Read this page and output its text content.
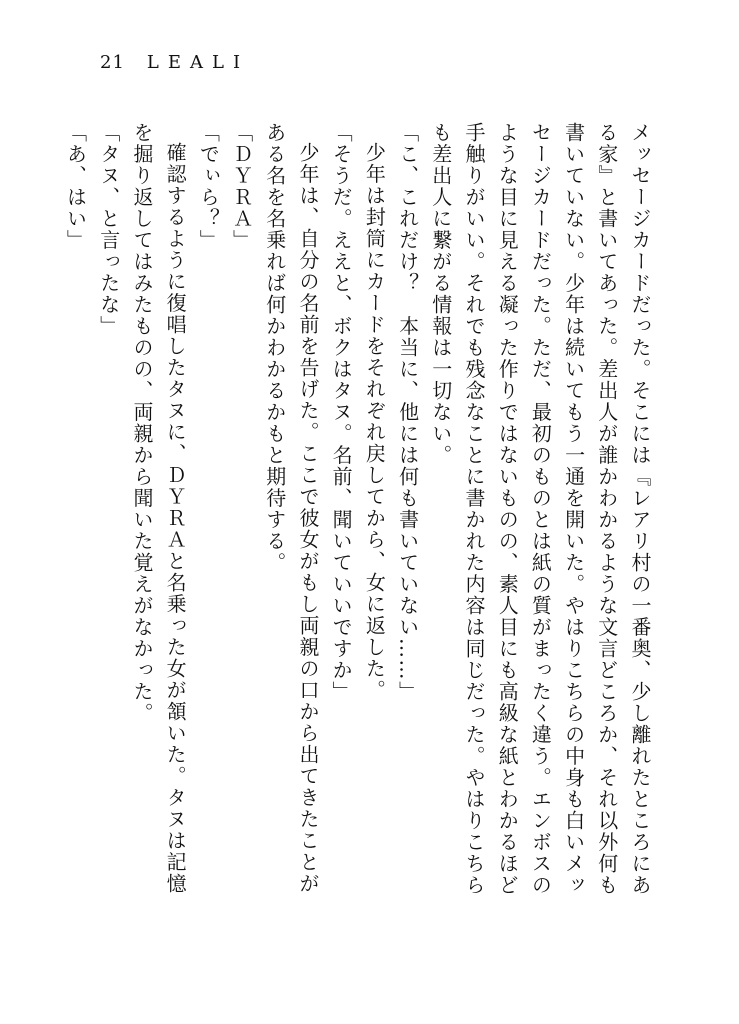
21 LEALI

メッセージカードだった。そこには『レアリ村の一番奥、少し離れたところにある家』と書いてあった。差出人が誰かわかるような文言どころか、それ以外何も書いていない。少年は続いてもう一通を開いた。やはりこちらの中身も白いメッセージカードだった。ただ、最初のものとは紙の質がまったく違う。エンボスのような目に見える凝った作りではないものの、素人目にも高級な紙とわかるほど手触りがいい。それでも残念なことに書かれた内容は同じだった。やはりこちらも差出人に繋がる情報は一切ない。

「こ、これだけ？　本当に、他には何も書いていない……」

少年は封筒にカードをそれぞれ戻してから、女に返した。

「そうだ。ええと、ボクはタヌ。名前、聞いていいですか」

少年は、自分の名前を告げた。ここで彼女がもし両親の口から出てきたことがある名を名乗れば何かわかるかもと期待する。

「ＤＹＲＡ」

「でぃら？」

確認するように復唱したタヌに、ＤＹＲＡと名乗った女が頷いた。タヌは記憶を掘り返してはみたものの、両親から聞いた覚えがなかった。

「タヌ、と言ったな」

「あ、はい」
